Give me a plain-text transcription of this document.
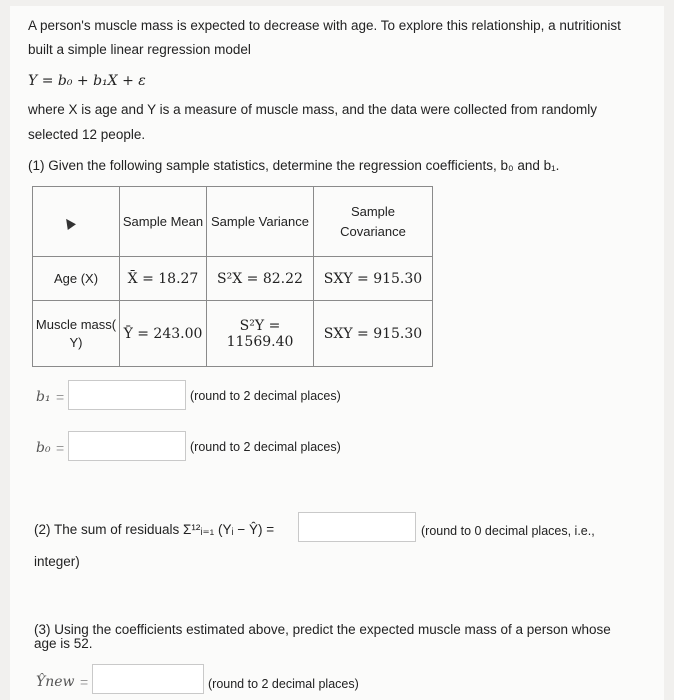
A person's muscle mass is expected to decrease with age. To explore this relationship, a nutritionist
built a simple linear regression model
Y = b₀ + b₁X + ε
where X is age and Y is a measure of muscle mass, and the data were collected from randomly
selected 12 people.
(1) Given the following sample statistics, determine the regression coefficients, b₀ and b₁.
	Sample Mean	Sample Variance	Sample
Covariance

Age (X)	X̄ = 18.27	S²X = 82.22	SXY = 915.30

Muscle mass(
Y)	Ȳ = 243.00	S²Y = 11569.40	SXY = 915.30
b₁ =	(round to 2 decimal places)
b₀ =	(round to 2 decimal places)
(2) The sum of residuals Σ¹²ᵢ₌₁ (Yᵢ − Ŷ) =	(round to 0 decimal places, i.e.,
integer)
(3) Using the coefficients estimated above, predict the expected muscle mass of a person whose
age is 52.
Ŷnew =	(round to 2 decimal places)
